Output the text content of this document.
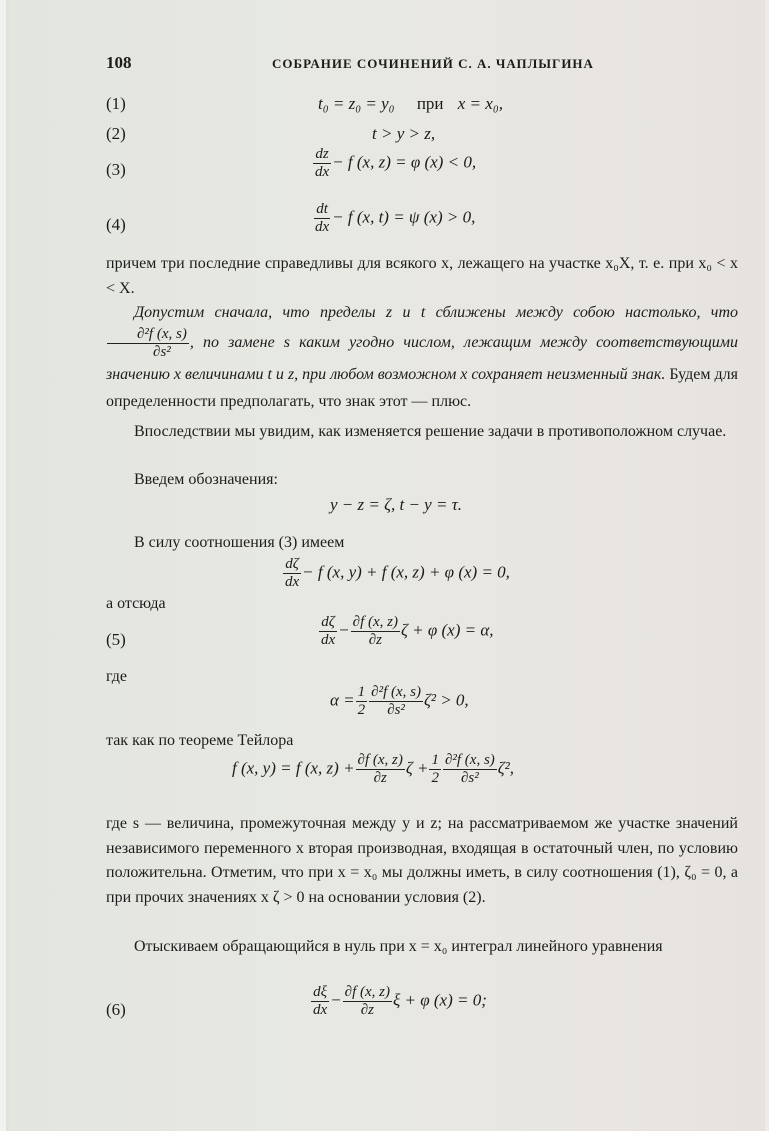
108	СОБРАНИЕ СОЧИНЕНИЙ С. А. ЧАПЛЫГИНА
(1)	t₀ = z₀ = y₀ при x = x₀,
(2)	t > y > z,
(3)	$\frac{dz}{dx} - f$ (x, z) = φ (x) < 0,
(4)	$\frac{dt}{dx} - f$ (x, t) = ψ (x) > 0,
причем три последние справедливы для всякого x, лежащего на участке x₀X, т. е. при x₀ < x < X.
Допустим сначала, что пределы z и t сближены между собою настолько, что
$\frac{\text{∂²f (x, s)}}{\text{∂s²}}$ , по замене s каким угодно числом, лежащим между соответствующими значению x величинами t и z, при любом возможном x сохраняет неизменный знак. Будем для определенности предполагать, что знак этот — плюс.
Впоследствии мы увидим, как изменяется решение задачи в противоположном случае.
Введем обозначения:
y − z = ζ, t − y = τ.
В силу соотношения (3) имеем
$\frac{d\zeta}{dx} - f$ (x, y) + f (x, z) + φ (x) = 0,
а отсюда
(5)	$\frac{d\zeta}{dx} - \frac{\partial f (x, z)}{\partial z}$ ζ + φ (x) = α,
где
$\alpha = \frac{1}{2} \frac{\text{∂²f (x, s)}}{\text{∂s²}} \zeta^2 > 0$,
так как по теореме Тейлора
f (x, y) = f (x, $z) + \frac{\partial f (x, z)}{\partial z}$ $\zeta + \frac{1}{2} \frac{\text{∂²f (x, s)}}{\text{∂s²}} \zeta^2$,
где s — величина, промежуточная между y и z; на рассматриваемом же участке значений независимого переменного x вторая производная, входящая в остаточный член, по условию положительна. Отметим, что при x = x₀ мы должны иметь, в силу соотношения (1), ζ₀ = 0, а при прочих значениях x ζ > 0 на основании условия (2).
Отыскиваем обращающийся в нуль при x = x₀ интеграл линейного уравнения
(6)	$\frac{d\xi}{dx} - \frac{\partial f (x, z)}{\partial z}$ ξ + φ (x) = 0;
